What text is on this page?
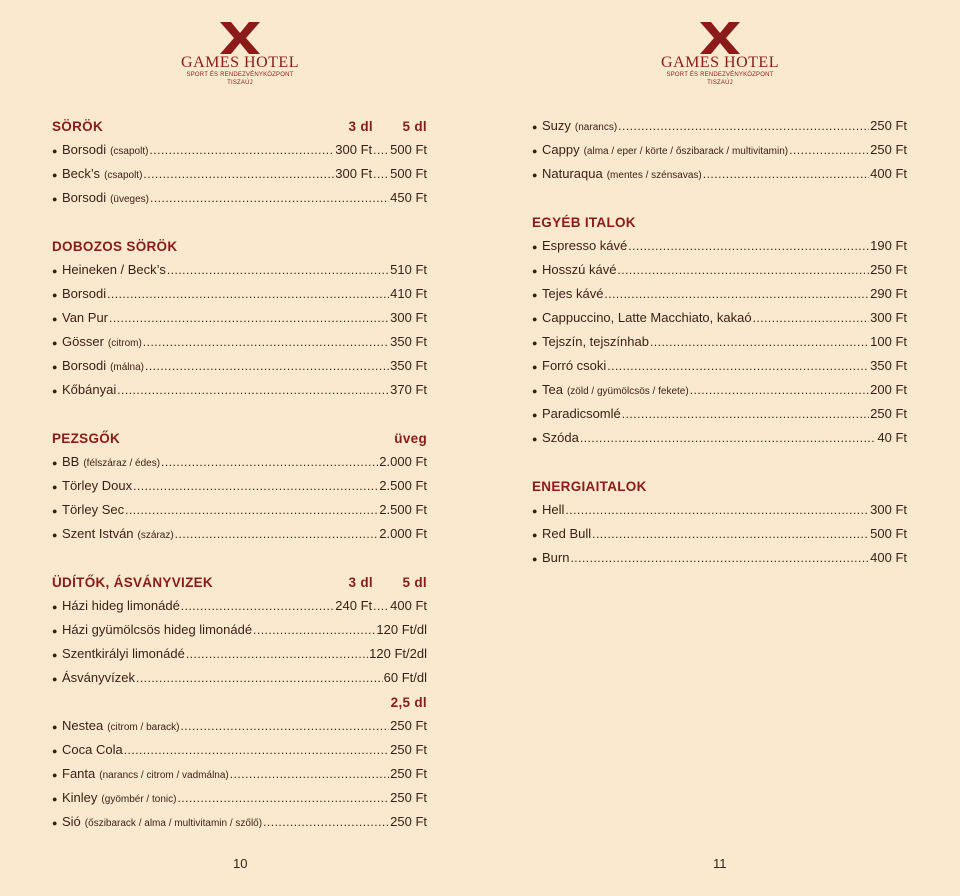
GAMES HOTEL
SPORT ÉS RENDEZVÉNYKÖZPONT TISZAÚJ
SÖRÖK	3 dl	5 dl
● Borsodi (csapolt) .....	300 Ft ..... 500 Ft
● Beck’s (csapolt) .....	300 Ft ..... 500 Ft
● Borsodi (üveges) .....	450 Ft
DOBOZOS SÖRÖK
● Heineken / Beck’s .....	510 Ft
● Borsodi .....	410 Ft
● Van Pur .....	300 Ft
● Gösser (citrom) .....	350 Ft
● Borsodi (málna) .....	350 Ft
● Kőbányai .....	370 Ft
PEZSGŐK	üveg
● BB (félszáraz / édes) .....	2.000 Ft
● Törley Doux .....	2.500 Ft
● Törley Sec .....	2.500 Ft
● Szent István (száraz) .....	2.000 Ft
ÜDÍTŐK, ÁSVÁNYVIZEK	3 dl	5 dl
● Házi hideg limonádé .....	240 Ft ..... 400 Ft
● Házi gyümölcsös hideg limonádé .....	120 Ft/dl
● Szentkirályi limonádé .....	120 Ft/2dl
● Ásványvízek .....	60 Ft/dl
2,5 dl
● Nestea (citrom / barack) .....	250 Ft
● Coca Cola .....	250 Ft
● Fanta (narancs / citrom / vadmálna) .....	250 Ft
● Kinley (gyömbér / tonic) .....	250 Ft
● Sió (őszibarack / alma / multivitamin / szőlő) .....	250 Ft
10
GAMES HOTEL
SPORT ÉS RENDEZVÉNYKÖZPONT TISZAÚJ
● Suzy (narancs) .....	250 Ft
● Cappy (alma / eper / körte / őszibarack / multivitamin) .....	250 Ft
● Naturaqua (mentes / szénsavas) .....	400 Ft
EGYÉB ITALOK
● Espresso kávé .....	190 Ft
● Hosszú kávé .....	250 Ft
● Tejes kávé .....	290 Ft
● Cappuccino, Latte Macchiato, kakaó .....	300 Ft
● Tejszín, tejszínhab .....	100 Ft
● Forró csoki .....	350 Ft
● Tea (zöld / gyümölcsös / fekete) .....	200 Ft
● Paradicsomlé .....	250 Ft
● Szóda .....	40 Ft
ENERGIAITALOK
● Hell .....	300 Ft
● Red Bull .....	500 Ft
● Burn .....	400 Ft
11
